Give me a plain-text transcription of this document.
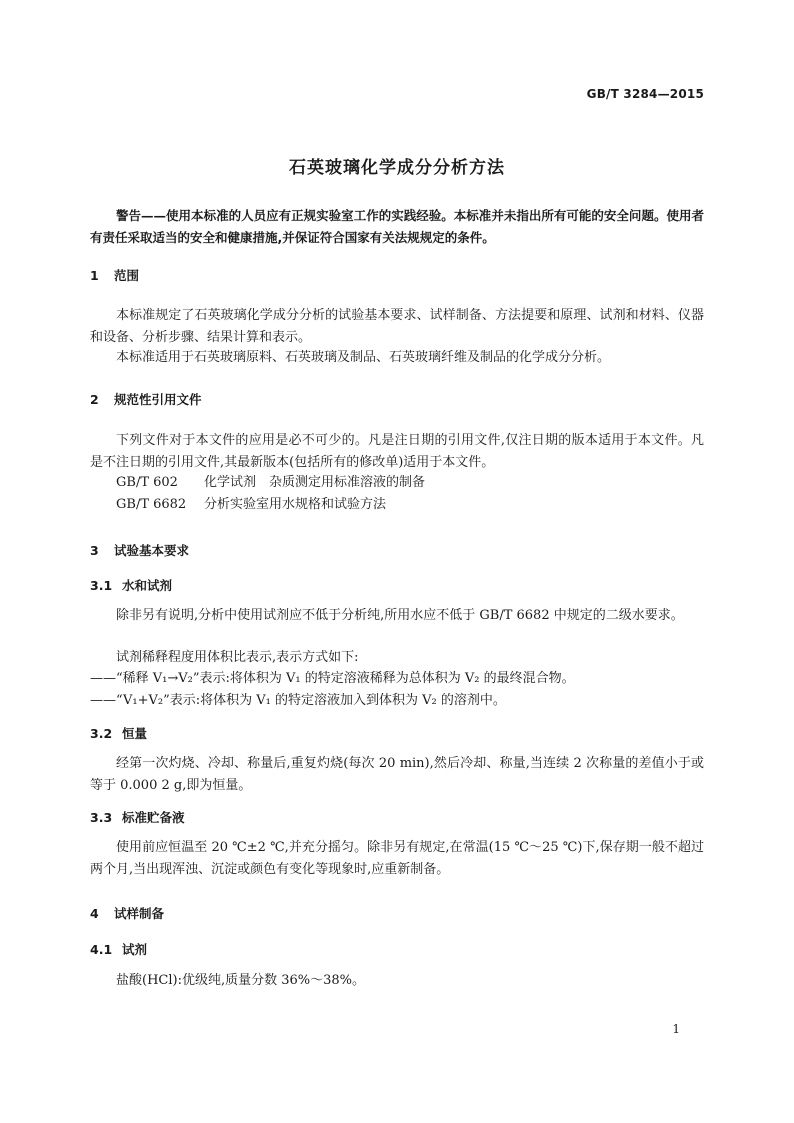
GB/T 3284—2015
石英玻璃化学成分分析方法

警告——使用本标准的人员应有正规实验室工作的实践经验。本标准并未指出所有可能的安全问题。使用者有责任采取适当的安全和健康措施,并保证符合国家有关法规规定的条件。

1 范围

本标准规定了石英玻璃化学成分分析的试验基本要求、试样制备、方法提要和原理、试剂和材料、仪器和设备、分析步骤、结果计算和表示。

本标准适用于石英玻璃原料、石英玻璃及制品、石英玻璃纤维及制品的化学成分分析。

2 规范性引用文件

下列文件对于本文件的应用是必不可少的。凡是注日期的引用文件,仅注日期的版本适用于本文件。凡是不注日期的引用文件,其最新版本(包括所有的修改单)适用于本文件。

GB/T 602 化学试剂　杂质测定用标准溶液的制备
GB/T 6682 分析实验室用水规格和试验方法
3 试验基本要求
3.1 水和试剂

除非另有说明,分析中使用试剂应不低于分析纯,所用水应不低于 GB/T 6682 中规定的二级水要求。

试剂稀释程度用体积比表示,表示方式如下:
——“稀释 V₁→V₂”表示:将体积为 V₁ 的特定溶液稀释为总体积为 V₂ 的最终混合物。
——“V₁+V₂”表示:将体积为 V₁ 的特定溶液加入到体积为 V₂ 的溶剂中。
3.2 恒量

经第一次灼烧、冷却、称量后,重复灼烧(每次 20 min),然后冷却、称量,当连续 2 次称量的差值小于或等于 0.000 2 g,即为恒量。

3.3 标准贮备液

使用前应恒温至 20 ℃±2 ℃,并充分摇匀。除非另有规定,在常温(15 ℃～25 ℃)下,保存期一般不超过两个月,当出现浑浊、沉淀或颜色有变化等现象时,应重新制备。

4 试样制备
4.1 试剂
盐酸(HCl):优级纯,质量分数 36%～38%。
1
